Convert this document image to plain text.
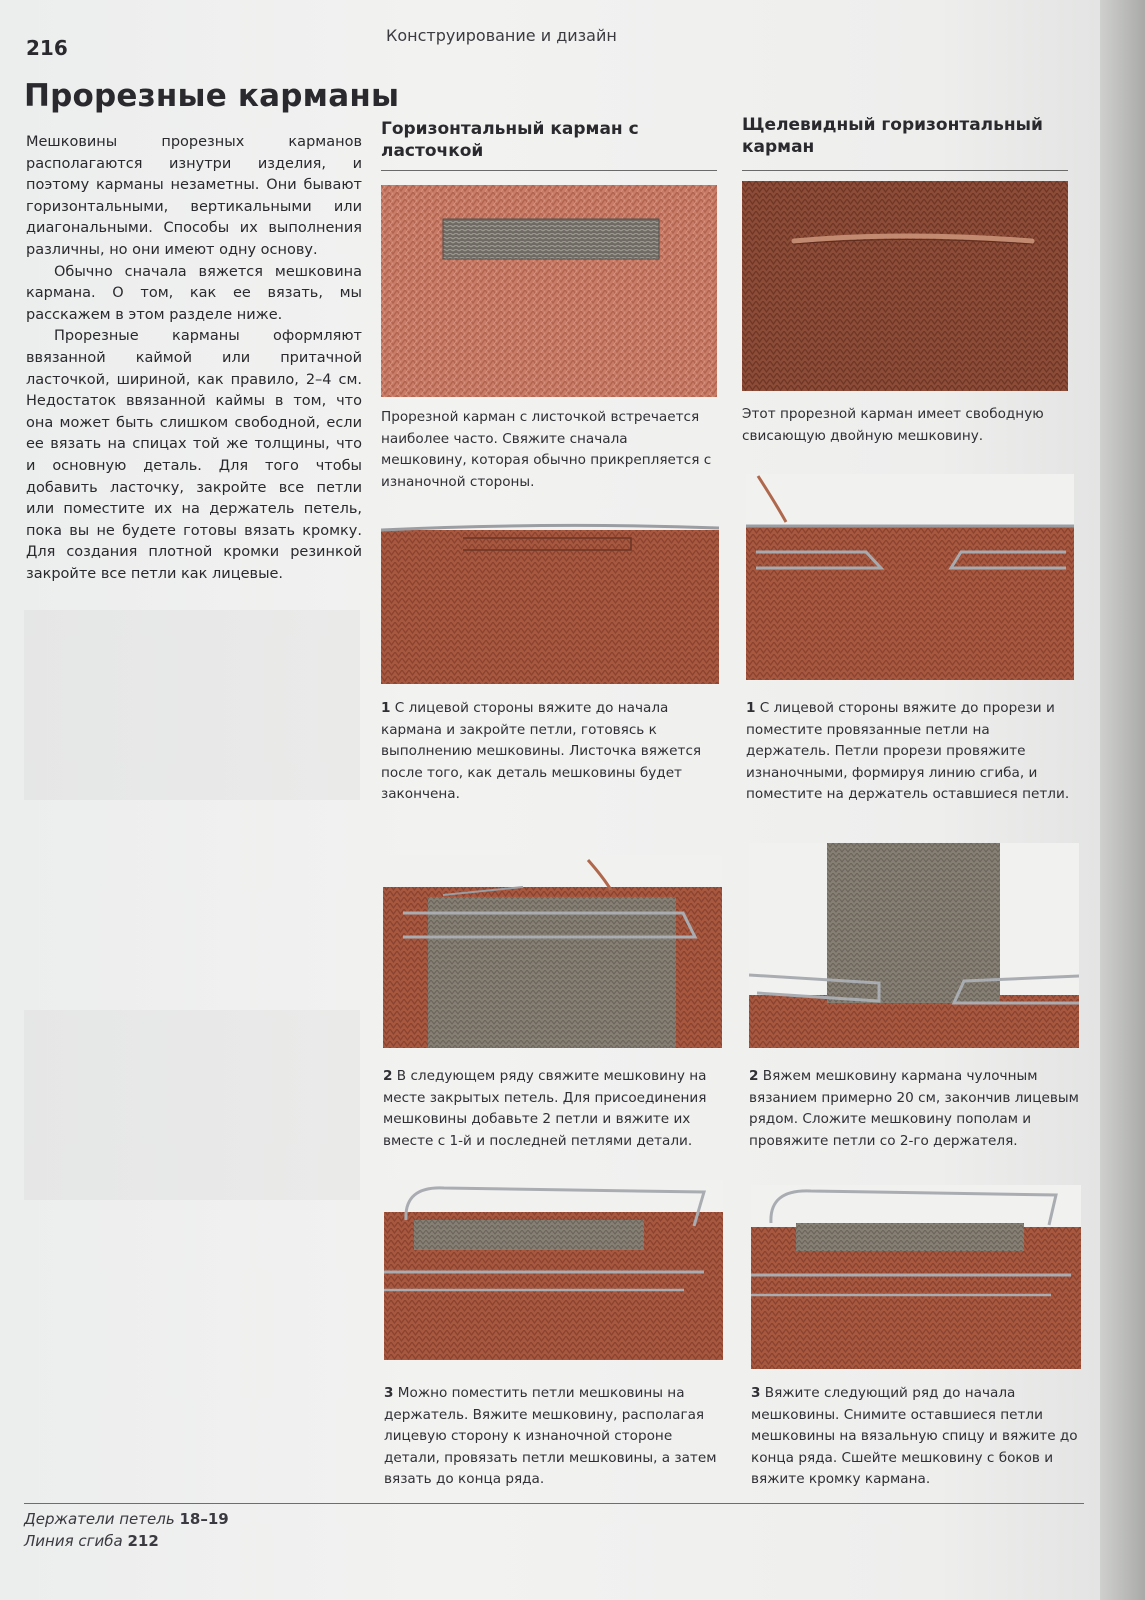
216
Конструирование и дизайн
Прорезные карманы

Мешковины прорезных карманов располагаются изнутри изделия, и поэтому карманы незаметны. Они бывают горизонтальными, вертикальными или диагональными. Способы их выполнения различны, но они имеют одну основу.

Обычно сначала вяжется мешковина кармана. О том, как ее вязать, мы расскажем в этом разделе ниже.

Прорезные карманы оформляют ввязанной каймой или притачной ласточкой, шириной, как правило, 2–4 см. Недостаток ввязанной каймы в том, что она может быть слишком свободной, если ее вязать на спицах той же толщины, что и основную деталь. Для того чтобы добавить ласточку, закройте все петли или поместите их на держатель петель, пока вы не будете готовы вязать кромку. Для создания плотной кромки резинкой закройте все петли как лицевые.

Горизонтальный карман с ласточкой
Щелевидный горизонтальный карман

Прорезной карман с листочкой встречается наиболее часто. Свяжите сначала мешковину, которая обычно прикрепляется с изнаночной стороны.

Этот прорезной карман имеет свободную свисающую двойную мешковину.

1 С лицевой стороны вяжите до начала кармана и закройте петли, готовясь к выполнению мешковины. Листочка вяжется после того, как деталь мешковины будет закончена.

1 С лицевой стороны вяжите до прорези и поместите провязанные петли на держатель. Петли прорези провяжите изнаночными, формируя линию сгиба, и поместите на держатель оставшиеся петли.

2 В следующем ряду свяжите мешковину на месте закрытых петель. Для присоединения мешковины добавьте 2 петли и вяжите их вместе с 1-й и последней петлями детали.

2 Вяжем мешковину кармана чулочным вязанием примерно 20 см, закончив лицевым рядом. Сложите мешковину пополам и провяжите петли со 2-го держателя.

3 Можно поместить петли мешковины на держатель. Вяжите мешковину, располагая лицевую сторону к изнаночной стороне детали, провязать петли мешковины, а затем вязать до конца ряда.

3 Вяжите следующий ряд до начала мешковины. Снимите оставшиеся петли мешковины на вязальную спицу и вяжите до конца ряда. Сшейте мешковину с боков и вяжите кромку кармана.

Держатели петель 18–19
Линия сгиба 212
